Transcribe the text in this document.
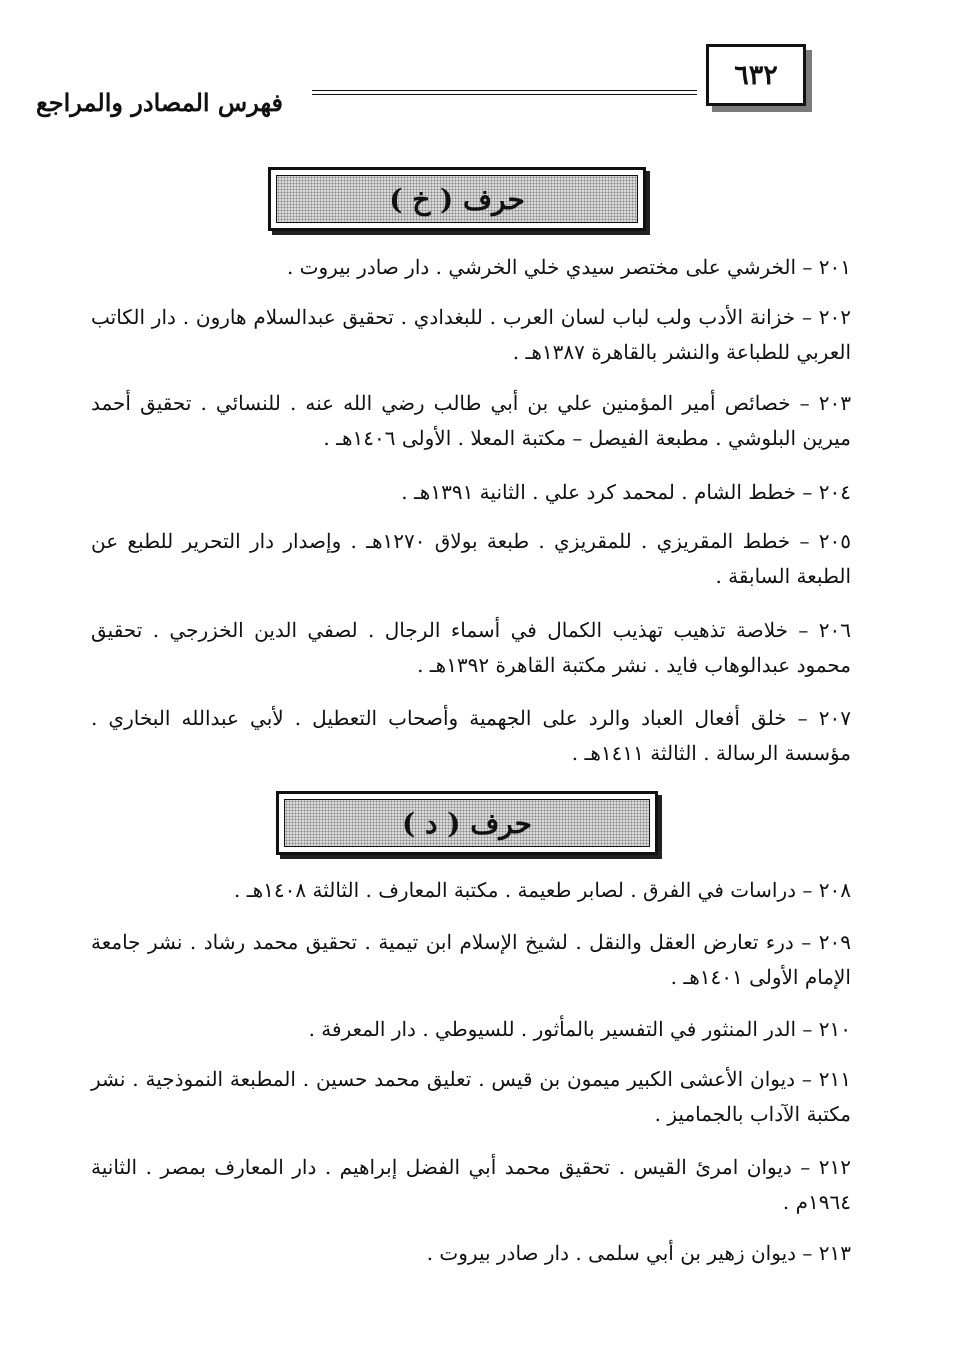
٦٣٢
فهرس المصادر والمراجع
حرف ( خ )
٢٠١ – الخرشي على مختصر سيدي خلي الخرشي . دار صادر بيروت .
٢٠٢ – خزانة الأدب ولب لباب لسان العرب . للبغدادي . تحقيق عبدالسلام هارون . دار الكاتب العربي للطباعة والنشر بالقاهرة ١٣٨٧هـ .
٢٠٣ – خصائص أمير المؤمنين علي بن أبي طالب رضي الله عنه . للنسائي . تحقيق أحمد ميرين البلوشي . مطبعة الفيصل – مكتبة المعلا . الأولى ١٤٠٦هـ .
٢٠٤ – خطط الشام . لمحمد كرد علي . الثانية ١٣٩١هـ .
٢٠٥ – خطط المقريزي . للمقريزي . طبعة بولاق ١٢٧٠هـ . وإصدار دار التحرير للطبع عن الطبعة السابقة .
٢٠٦ – خلاصة تذهيب تهذيب الكمال في أسماء الرجال . لصفي الدين الخزرجي . تحقيق محمود عبدالوهاب فايد . نشر مكتبة القاهرة ١٣٩٢هـ .
٢٠٧ – خلق أفعال العباد والرد على الجهمية وأصحاب التعطيل . لأبي عبدالله البخاري . مؤسسة الرسالة . الثالثة ١٤١١هـ .
حرف ( د )
٢٠٨ – دراسات في الفرق . لصابر طعيمة . مكتبة المعارف . الثالثة ١٤٠٨هـ .
٢٠٩ – درء تعارض العقل والنقل . لشيخ الإسلام ابن تيمية . تحقيق محمد رشاد . نشر جامعة الإمام الأولى ١٤٠١هـ .
٢١٠ – الدر المنثور في التفسير بالمأثور . للسيوطي . دار المعرفة .
٢١١ – ديوان الأعشى الكبير ميمون بن قيس . تعليق محمد حسين . المطبعة النموذجية . نشر مكتبة الآداب بالجماميز .
٢١٢ – ديوان امرئ القيس . تحقيق محمد أبي الفضل إبراهيم . دار المعارف بمصر . الثانية ١٩٦٤م .
٢١٣ – ديوان زهير بن أبي سلمى . دار صادر بيروت .
